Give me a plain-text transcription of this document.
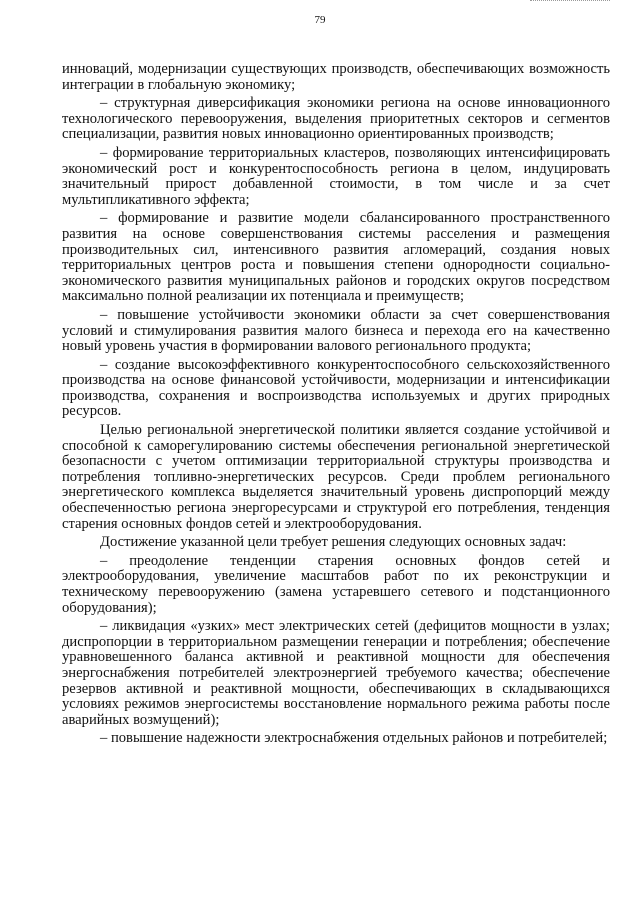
79

инноваций, модернизации существующих производств, обеспечивающих возможность интеграции в глобальную экономику;

– структурная диверсификация экономики региона на основе инновационного технологического перевооружения, выделения приоритетных секторов и сегментов специализации, развития новых инновационно ориентированных производств;

– формирование территориальных кластеров, позволяющих интенсифицировать экономический рост и конкурентоспособность региона в целом, индуцировать значительный прирост добавленной стоимости, в том числе и за счет мультипликативного эффекта;

– формирование и развитие модели сбалансированного пространственного развития на основе совершенствования системы расселения и размещения производительных сил, интенсивного развития агломераций, создания новых территориальных центров роста и повышения степени однородности социально-экономического развития муниципальных районов и городских округов посредством максимально полной реализации их потенциала и преимуществ;

– повышение устойчивости экономики области за счет совершенствования условий и стимулирования развития малого бизнеса и перехода его на качественно новый уровень участия в формировании валового регионального продукта;

– создание высокоэффективного конкурентоспособного сельскохозяйственного производства на основе финансовой устойчивости, модернизации и интенсификации производства, сохранения и воспроизводства используемых и других природных ресурсов.

Целью региональной энергетической политики является создание устойчивой и способной к саморегулированию системы обеспечения региональной энергетической безопасности с учетом оптимизации территориальной структуры производства и потребления топливно-энергетических ресурсов. Среди проблем регионального энергетического комплекса выделяется значительный уровень диспропорций между обеспеченностью региона энергоресурсами и структурой его потребления, тенденция старения основных фондов сетей и электрооборудования.

Достижение указанной цели требует решения следующих основных задач:

– преодоление тенденции старения основных фондов сетей и электрооборудования, увеличение масштабов работ по их реконструкции и техническому перевооружению (замена устаревшего сетевого и подстанционного оборудования);

– ликвидация «узких» мест электрических сетей (дефицитов мощности в узлах; диспропорции в территориальном размещении генерации и потребления; обеспечение уравновешенного баланса активной и реактивной мощности для обеспечения энергоснабжения потребителей электроэнергией требуемого качества; обеспечение резервов активной и реактивной мощности, обеспечивающих в складывающихся условиях режимов энергосистемы восстановление нормального режима работы после аварийных возмущений);

– повышение надежности электроснабжения отдельных районов и потребителей;
